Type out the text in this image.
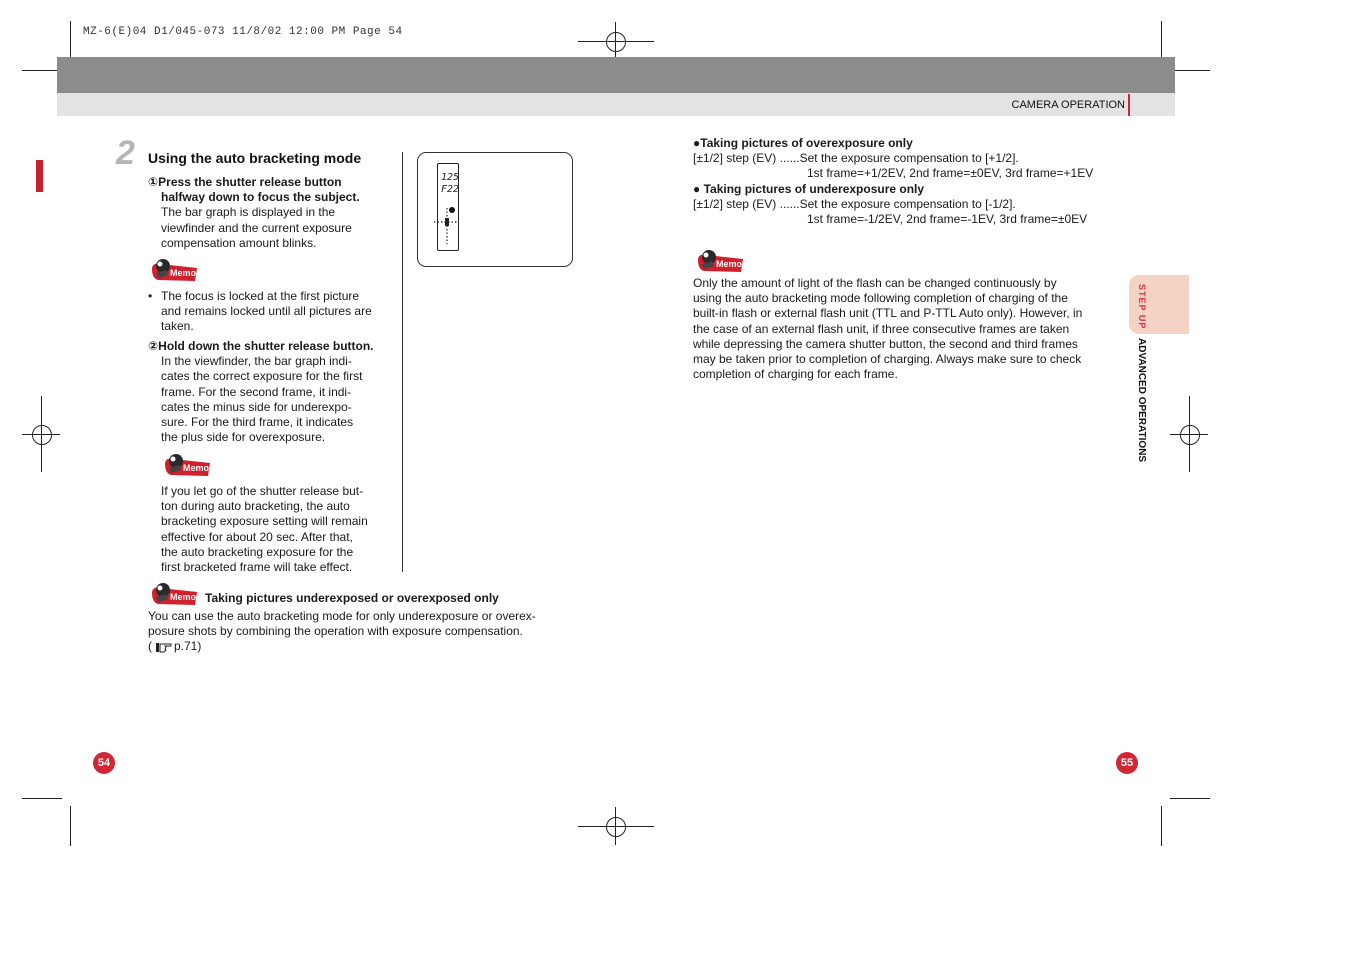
MZ-6(E)04 D1/045-073 11/8/02 12:00 PM Page 54
CAMERA OPERATION
2 Using the auto bracketing mode
①Press the shutter release button
halfway down to focus the subject.
The bar graph is displayed in the
viewfinder and the current exposure
compensation amount blinks.
Memo
• The focus is locked at the first picture
and remains locked until all pictures are
taken.
②Hold down the shutter release button.
In the viewfinder, the bar graph indi-
cates the correct exposure for the first
frame. For the second frame, it indi-
cates the minus side for underexpo-
sure. For the third frame, it indicates
the plus side for overexposure.
Memo
If you let go of the shutter release but-
ton during auto bracketing, the auto
bracketing exposure setting will remain
effective for about 20 sec. After that,
the auto bracketing exposure for the
first bracketed frame will take effect.
125
F22
Memo Taking pictures underexposed or overexposed only
You can use the auto bracketing mode for only underexposure or overex-
posure shots by combining the operation with exposure compensation.
( p.71)
54
●Taking pictures of overexposure only
[±1/2] step (EV) ......Set the exposure compensation to [+1/2].
1st frame=+1/2EV, 2nd frame=±0EV, 3rd frame=+1EV
● Taking pictures of underexposure only
[±1/2] step (EV) ......Set the exposure compensation to [-1/2].
1st frame=-1/2EV, 2nd frame=-1EV, 3rd frame=±0EV
Memo
Only the amount of light of the flash can be changed continuously by
using the auto bracketing mode following completion of charging of the
built-in flash or external flash unit (TTL and P-TTL Auto only). However, in
the case of an external flash unit, if three consecutive frames are taken
while depressing the camera shutter button, the second and third frames
may be taken prior to completion of charging. Always make sure to check
completion of charging for each frame.
STEP UP
ADVANCED OPERATIONS
55
